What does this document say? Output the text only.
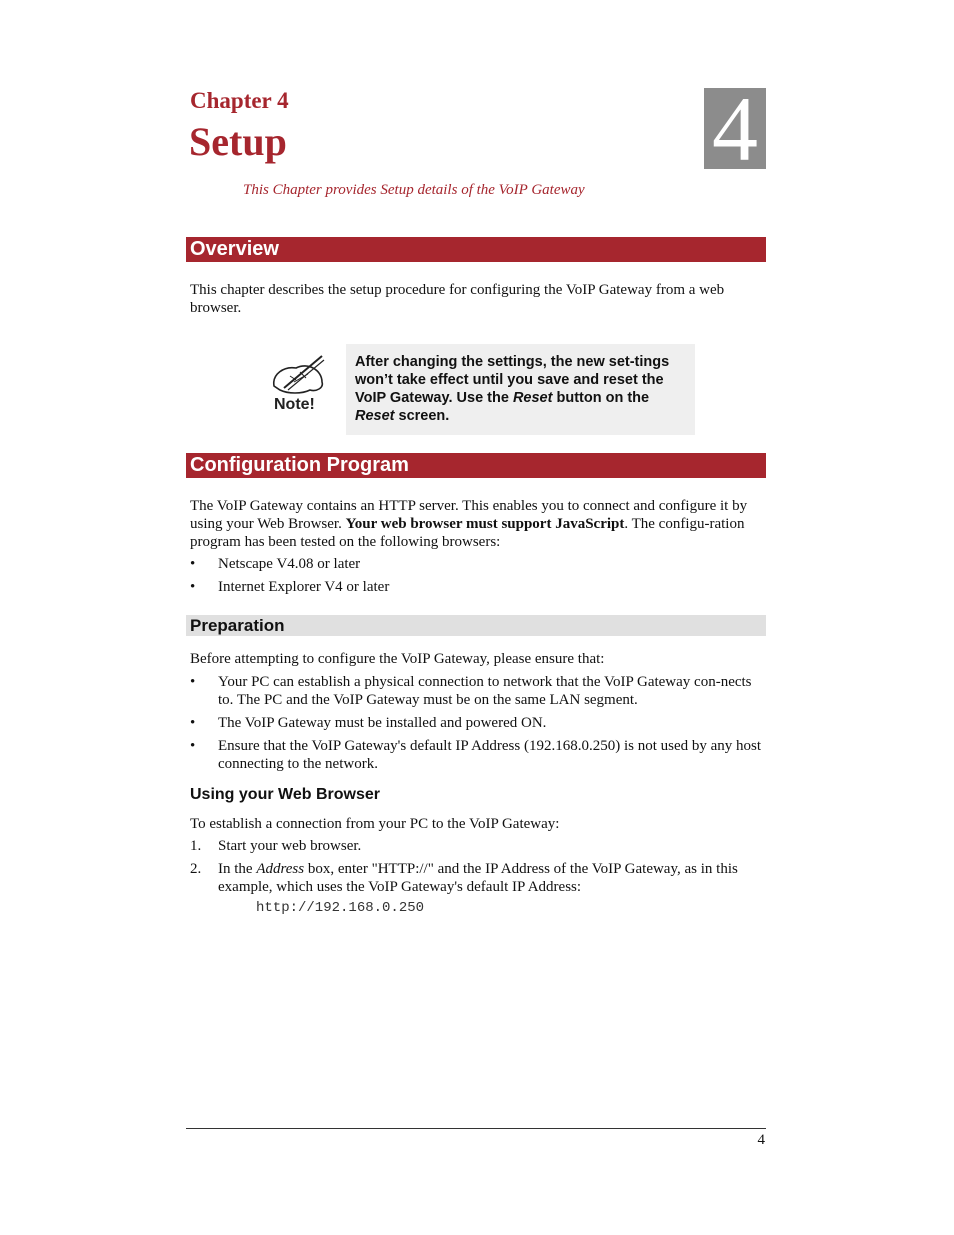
Chapter 4
Setup	4
This Chapter provides Setup details of the VoIP Gateway
Overview
This chapter describes the setup procedure for configuring the VoIP Gateway from a web browser.
Note!
After changing the settings, the new set-tings won’t take effect until you save and reset the VoIP Gateway. Use the Reset button on the Reset screen.
Configuration Program
The VoIP Gateway contains an HTTP server. This enables you to connect and configure it by using your Web Browser. Your web browser must support JavaScript. The configu-ration program has been tested on the following browsers:
• Netscape V4.08 or later
• Internet Explorer V4 or later
Preparation
Before attempting to configure the VoIP Gateway, please ensure that:
• Your PC can establish a physical connection to network that the VoIP Gateway con-nects to. The PC and the VoIP Gateway must be on the same LAN segment.
• The VoIP Gateway must be installed and powered ON.
• Ensure that the VoIP Gateway's default IP Address (192.168.0.250) is not used by any host connecting to the network.
Using your Web Browser
To establish a connection from your PC to the VoIP Gateway:
1. Start your web browser.
2. In the Address box, enter "HTTP://" and the IP Address of the VoIP Gateway, as in this example, which uses the VoIP Gateway's default IP Address:
http://192.168.0.250
4
